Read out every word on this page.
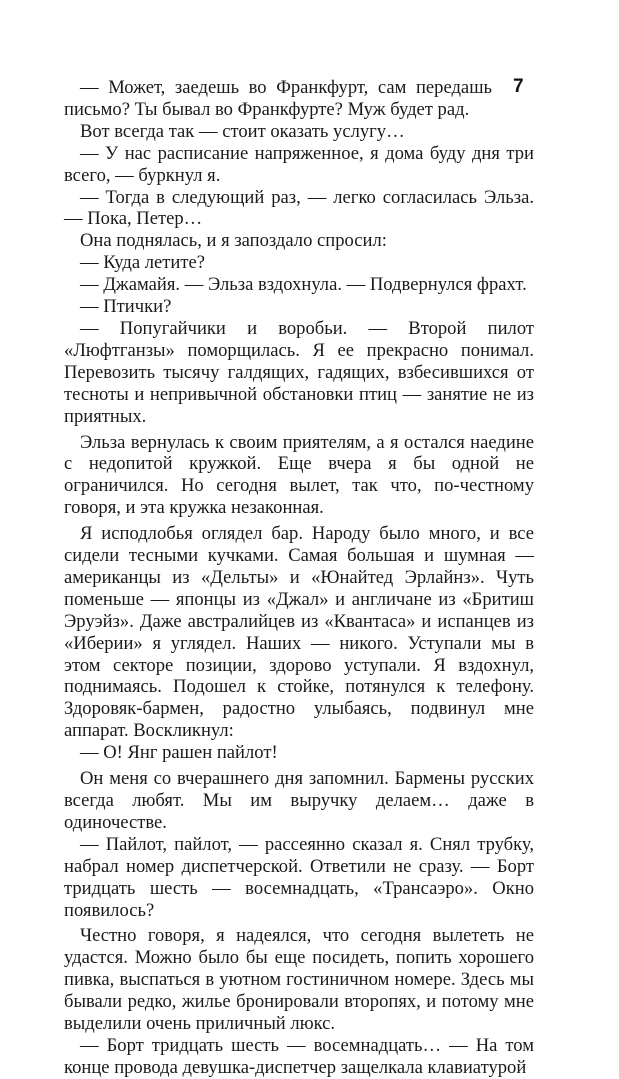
7

— Может, заедешь во Франкфурт, сам передашь письмо? Ты бывал во Франкфурте? Муж будет рад.

Вот всегда так — стоит оказать услугу…

— У нас расписание напряженное, я дома буду дня три всего, — буркнул я.

— Тогда в следующий раз, — легко согласилась Эльза. — Пока, Петер…

Она поднялась, и я запоздало спросил:

— Куда летите?

— Джамайя. — Эльза вздохнула. — Подвернулся фрахт.

— Птички?

— Попугайчики и воробьи. — Второй пилот «Люфтганзы» поморщилась. Я ее прекрасно понимал. Перевозить тысячу галдящих, гадящих, взбесившихся от тесноты и непривычной обстановки птиц — занятие не из приятных.

Эльза вернулась к своим приятелям, а я остался наедине с недопитой кружкой. Еще вчера я бы одной не ограничился. Но сегодня вылет, так что, по-честному говоря, и эта кружка незаконная.

Я исподлобья оглядел бар. Народу было много, и все сидели тесными кучками. Самая большая и шумная — американцы из «Дельты» и «Юнайтед Эрлайнз». Чуть поменьше — японцы из «Джал» и англичане из «Бритиш Эруэйз». Даже австралийцев из «Квантаса» и испанцев из «Иберии» я углядел. Наших — никого. Уступали мы в этом секторе позиции, здорово уступали. Я вздохнул, поднимаясь. Подошел к стойке, потянулся к телефону. Здоровяк-бармен, радостно улыбаясь, подвинул мне аппарат. Воскликнул:

— О! Янг рашен пайлот!

Он меня со вчерашнего дня запомнил. Бармены русских всегда любят. Мы им выручку делаем… даже в одиночестве.

— Пайлот, пайлот, — рассеянно сказал я. Снял трубку, набрал номер диспетчерской. Ответили не сразу. — Борт тридцать шесть — восемнадцать, «Трансаэро». Окно появилось?

Честно говоря, я надеялся, что сегодня вылететь не удастся. Можно было бы еще посидеть, попить хорошего пивка, выспаться в уютном гостиничном номере. Здесь мы бывали редко, жилье бронировали второпях, и потому мне выделили очень приличный люкс.

— Борт тридцать шесть — восемнадцать… — На том конце провода девушка-диспетчер защелкала клавиатурой
